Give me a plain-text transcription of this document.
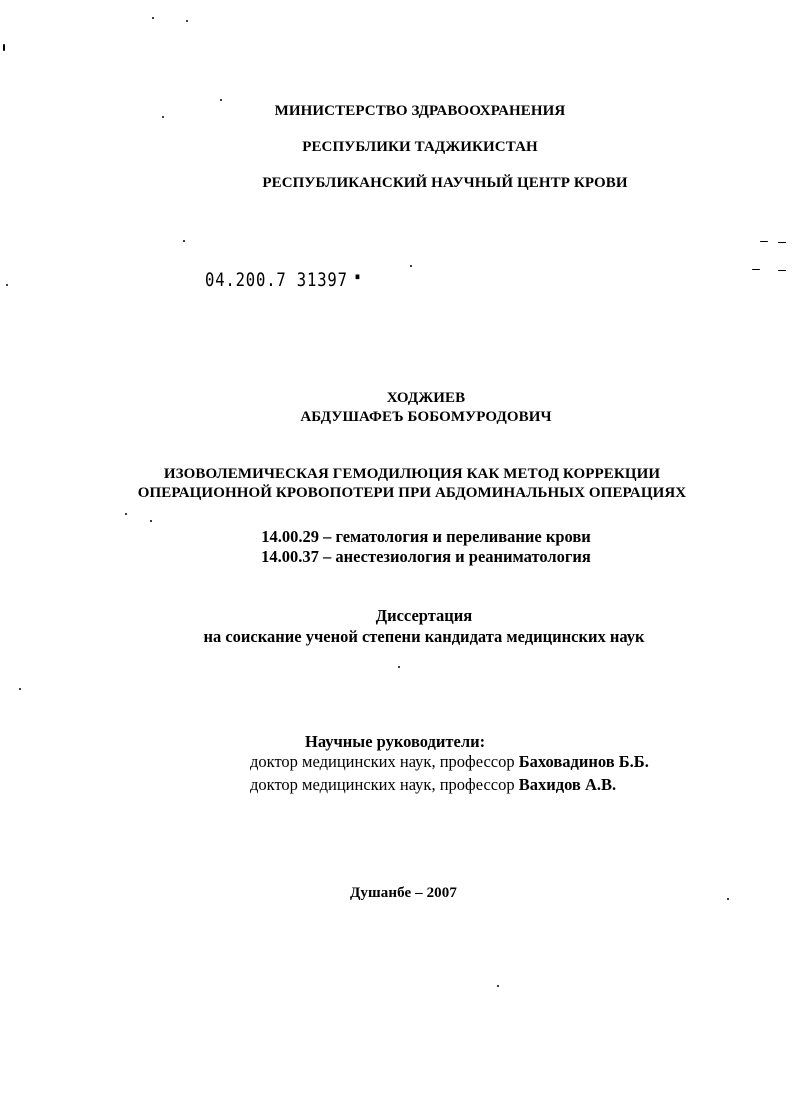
МИНИСТЕРСТВО ЗДРАВООХРАНЕНИЯ
РЕСПУБЛИКИ ТАДЖИКИСТАН
РЕСПУБЛИКАНСКИЙ НАУЧНЫЙ ЦЕНТР КРОВИ
04.200.7 31397 ▪
ХОДЖИЕВ
АБДУШАФЕЪ БОБОМУРОДОВИЧ
ИЗОВОЛЕМИЧЕСКАЯ ГЕМОДИЛЮЦИЯ КАК МЕТОД КОРРЕКЦИИ
ОПЕРАЦИОННОЙ КРОВОПОТЕРИ ПРИ АБДОМИНАЛЬНЫХ ОПЕРАЦИЯХ
14.00.29 – гематология и переливание крови
14.00.37 – анестезиология и реаниматология
Диссертация
на соискание ученой степени кандидата медицинских наук
Научные руководители:
доктор медицинских наук, профессор Баховадинов Б.Б.
доктор медицинских наук, профессор Вахидов А.В.
Душанбе – 2007
